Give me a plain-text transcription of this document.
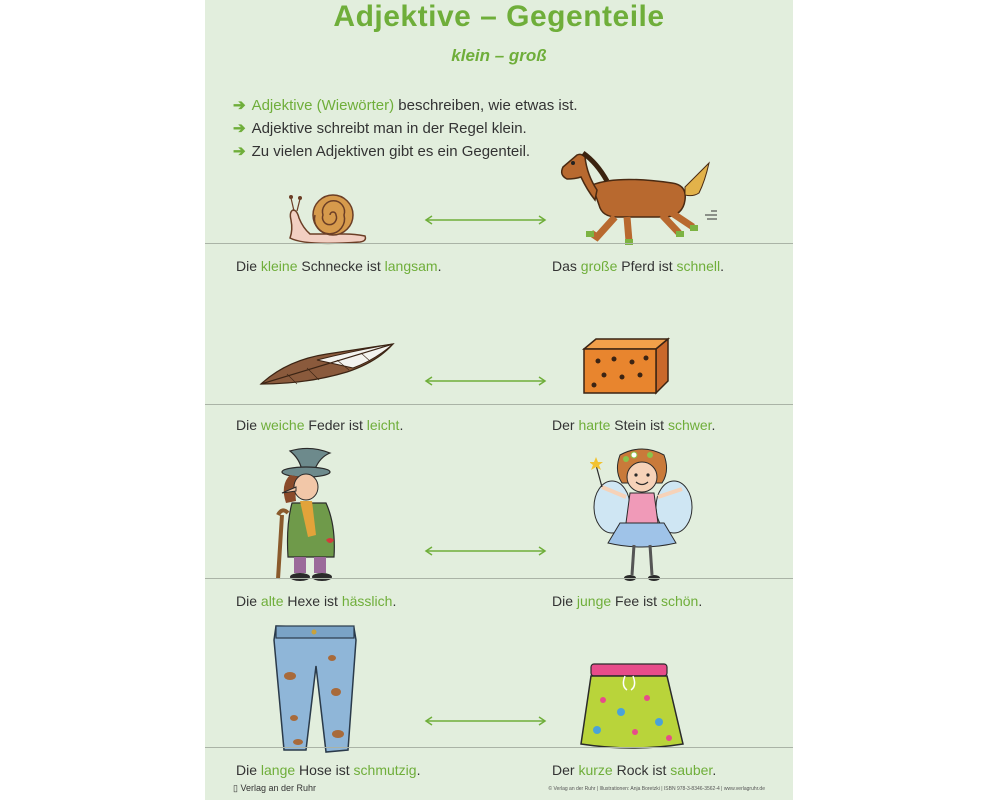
Adjektive – Gegenteile
klein – groß
➔ Adjektive (Wiewörter) beschreiben, wie etwas ist.
➔ Adjektive schreibt man in der Regel klein.
➔ Zu vielen Adjektiven gibt es ein Gegenteil.
Die kleine Schnecke ist langsam.	Das große Pferd ist schnell.
Die weiche Feder ist leicht.	Der harte Stein ist schwer.
Die alte Hexe ist hässlich.	Die junge Fee ist schön.
Die lange Hose ist schmutzig.	Der kurze Rock ist sauber.
▯ Verlag an der Ruhr	© Verlag an der Ruhr | Illustrationen: Anja Boretzki | ISBN 978-3-8346-3562-4 | www.verlagruhr.de
